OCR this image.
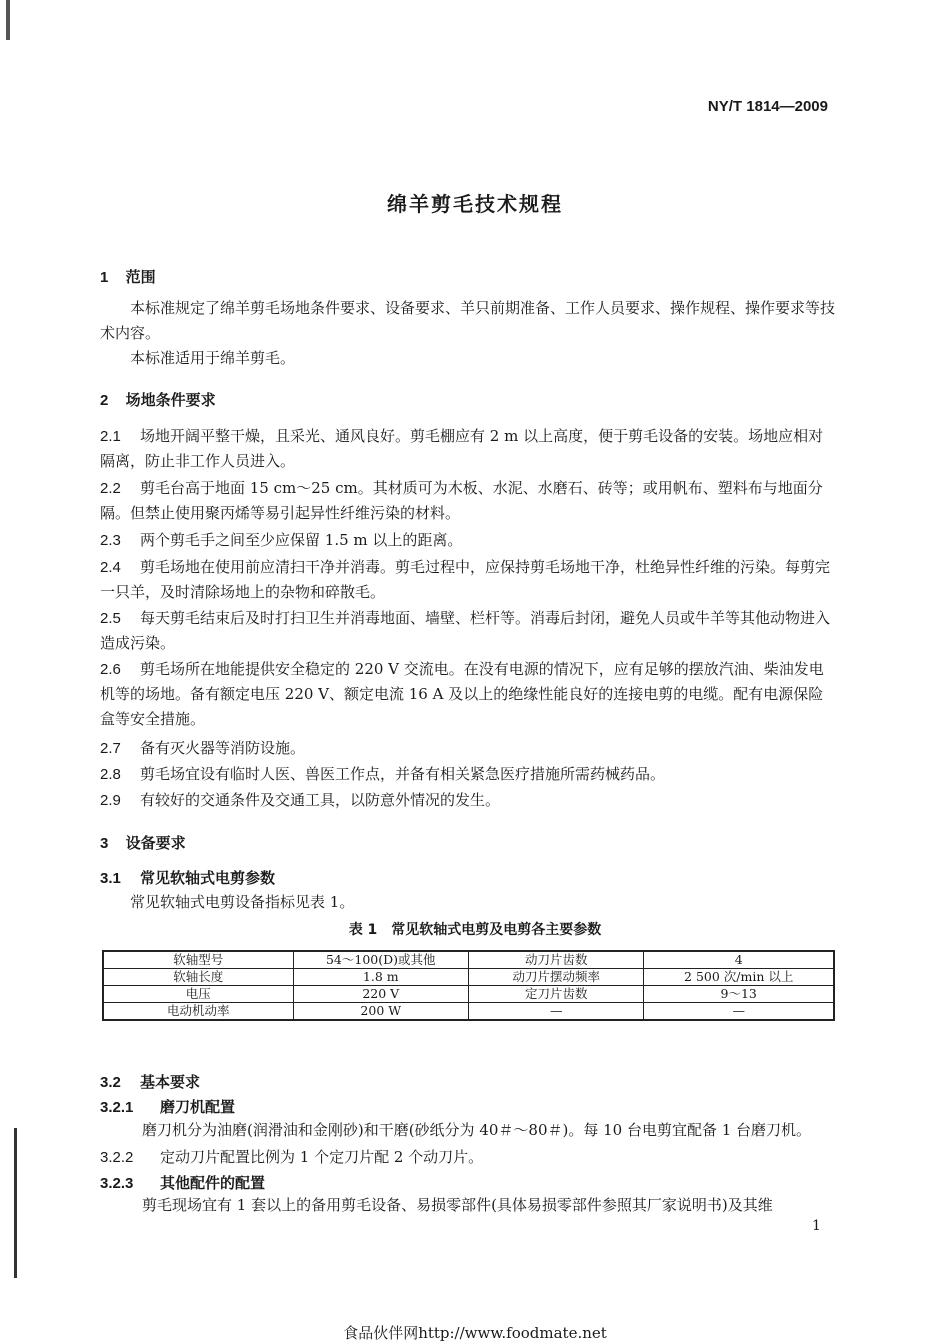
NY/T 1814—2009
绵羊剪毛技术规程
1 范围
本标准规定了绵羊剪毛场地条件要求、设备要求、羊只前期准备、工作人员要求、操作规程、操作要求等技术内容。
本标准适用于绵羊剪毛。
2 场地条件要求
2.1 场地开阔平整干燥，且采光、通风良好。剪毛棚应有 2 m 以上高度，便于剪毛设备的安装。场地应相对隔离，防止非工作人员进入。
2.2 剪毛台高于地面 15 cm～25 cm。其材质可为木板、水泥、水磨石、砖等；或用帆布、塑料布与地面分隔。但禁止使用聚丙烯等易引起异性纤维污染的材料。
2.3 两个剪毛手之间至少应保留 1.5 m 以上的距离。
2.4 剪毛场地在使用前应清扫干净并消毒。剪毛过程中，应保持剪毛场地干净，杜绝异性纤维的污染。每剪完一只羊，及时清除场地上的杂物和碎散毛。
2.5 每天剪毛结束后及时打扫卫生并消毒地面、墙壁、栏杆等。消毒后封闭，避免人员或牛羊等其他动物进入造成污染。
2.6 剪毛场所在地能提供安全稳定的 220 V 交流电。在没有电源的情况下，应有足够的摆放汽油、柴油发电机等的场地。备有额定电压 220 V、额定电流 16 A 及以上的绝缘性能良好的连接电剪的电缆。配有电源保险盒等安全措施。
2.7 备有灭火器等消防设施。
2.8 剪毛场宜设有临时人医、兽医工作点，并备有相关紧急医疗措施所需药械药品。
2.9 有较好的交通条件及交通工具，以防意外情况的发生。
3 设备要求
3.1 常见软轴式电剪参数
常见软轴式电剪设备指标见表 1。
表 1　常见软轴式电剪及电剪各主要参数
软轴型号	54～100(D)或其他	动刀片齿数	4
软轴长度	1.8 m	动刀片摆动频率	2 500 次/min 以上
电压	220 V	定刀片齿数	9～13
电动机动率	200 W	—	—
3.2 基本要求
3.2.1 磨刀机配置
磨刀机分为油磨(润滑油和金刚砂)和干磨(砂纸分为 40＃～80＃)。每 10 台电剪宜配备 1 台磨刀机。
3.2.2 定动刀片配置比例为 1 个定刀片配 2 个动刀片。
3.2.3 其他配件的配置
剪毛现场宜有 1 套以上的备用剪毛设备、易损零部件(具体易损零部件参照其厂家说明书)及其维
1
食品伙伴网http://www.foodmate.net
